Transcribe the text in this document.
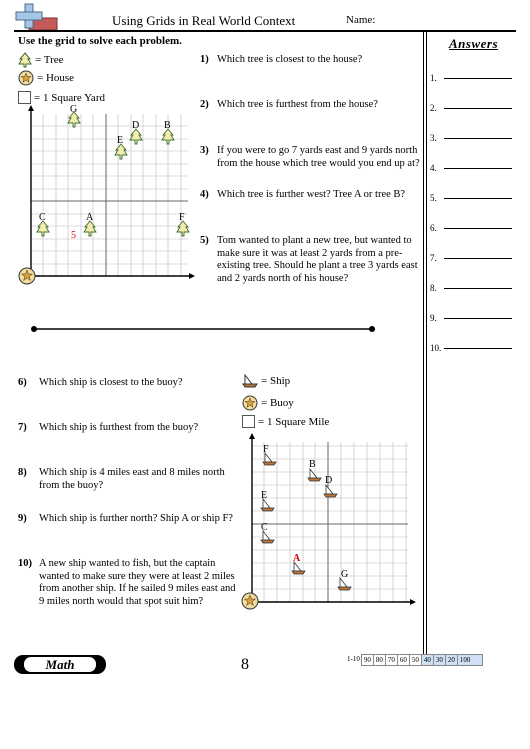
Using Grids in Real World Context	Name:
Use the grid to solve each problem.
= Tree
= House
= 1 Square Yard
G
D B
E
C	A	F
5
1) Which tree is closest to the house?
2) Which tree is furthest from the house?
3) If you were to go 7 yards east and 9 yards north from the house which tree would you end up at?
4) Which tree is further west? Tree A or tree B?
5) Tom wanted to plant a new tree, but wanted to make sure it was at least 2 yards from a pre-existing tree. Should he plant a tree 3 yards east and 2 yards north of his house?
6) Which ship is closest to the buoy?
7) Which ship is furthest from the buoy?
8) Which ship is 4 miles east and 8 miles north from the buoy?
9) Which ship is further north? Ship A or ship F?
10) A new ship wanted to fish, but the captain wanted to make sure they were at least 2 miles from another ship. If he sailed 9 miles east and 9 miles north would that spot suit him?
= Ship
= Buoy
= 1 Square Mile
F
B
D
E
C
A
G
Answers
1.
2.
3.
4.
5.
6.
7.
8.
9.
10.
Math	8	1-10 90 80 70 60 50 40 30 20 100
